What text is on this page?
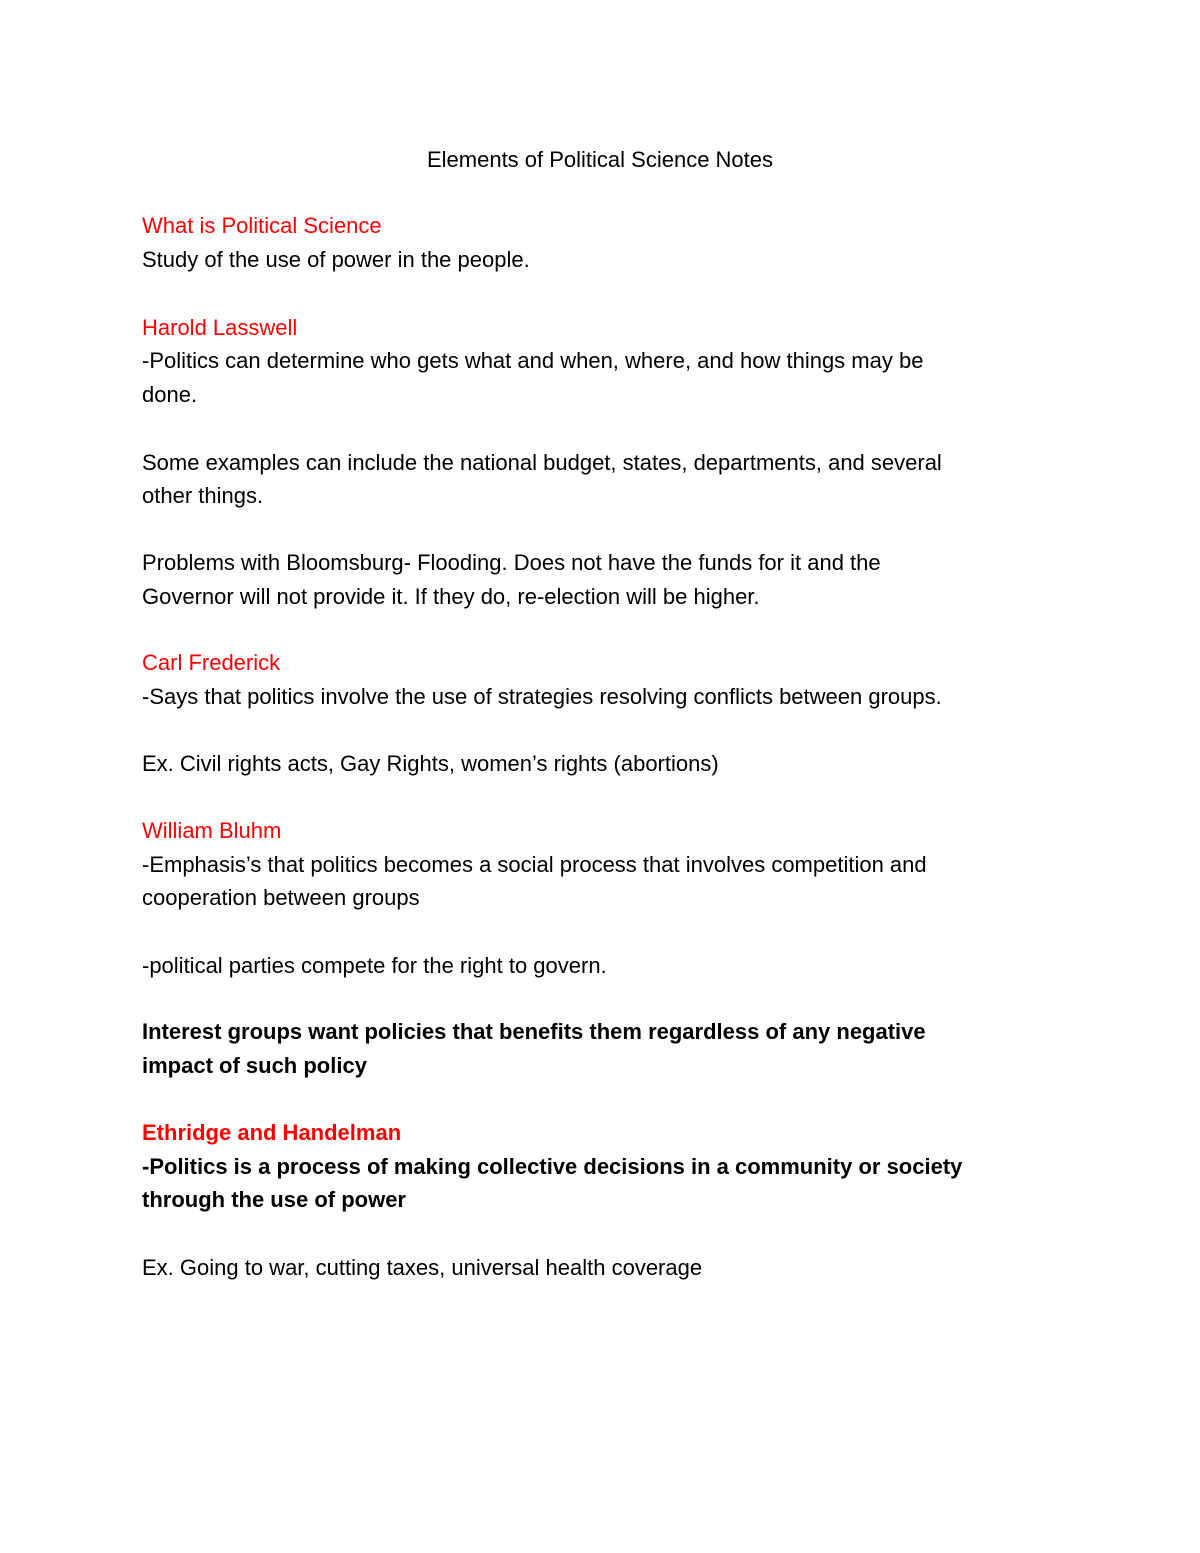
Elements of Political Science Notes

What is Political Science

Study of the use of power in the people.

Harold Lasswell

-Politics can determine who gets what and when, where, and how things may be

done.

Some examples can include the national budget, states, departments, and several

other things.

Problems with Bloomsburg- Flooding. Does not have the funds for it and the

Governor will not provide it. If they do, re-election will be higher.

Carl Frederick

-Says that politics involve the use of strategies resolving conflicts between groups.

Ex. Civil rights acts, Gay Rights, women’s rights (abortions)

William Bluhm

-Emphasis’s that politics becomes a social process that involves competition and

cooperation between groups

-political parties compete for the right to govern.

Interest groups want policies that benefits them regardless of any negative

impact of such policy

Ethridge and Handelman

-Politics is a process of making collective decisions in a community or society

through the use of power

Ex. Going to war, cutting taxes, universal health coverage
